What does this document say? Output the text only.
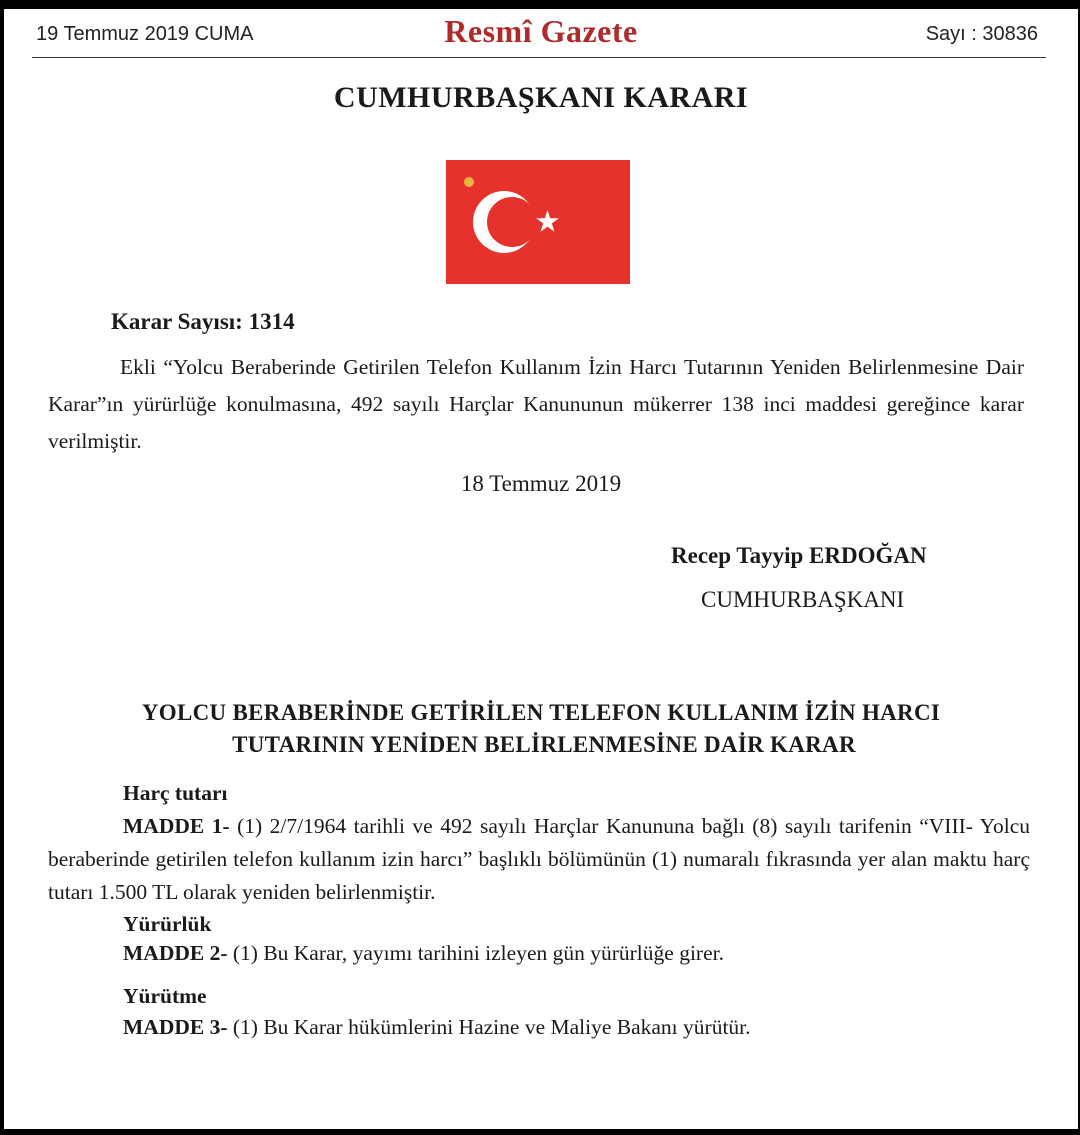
19 Temmuz 2019 CUMA	Resmî Gazete	Sayı : 30836
CUMHURBAŞKANI KARARI
Karar Sayısı: 1314

Ekli “Yolcu Beraberinde Getirilen Telefon Kullanım İzin Harcı Tutarının Yeniden Belirlenmesine Dair Karar”ın yürürlüğe konulmasına, 492 sayılı Harçlar Kanununun mükerrer 138 inci maddesi gereğince karar verilmiştir.

18 Temmuz 2019
Recep Tayyip ERDOĞAN
CUMHURBAŞKANI
YOLCU BERABERİNDE GETİRİLEN TELEFON KULLANIM İZİN HARCI
TUTARININ YENİDEN BELİRLENMESİNE DAİR KARAR
Harç tutarı

MADDE 1- (1) 2/7/1964 tarihli ve 492 sayılı Harçlar Kanununa bağlı (8) sayılı tarifenin “VIII- Yolcu beraberinde getirilen telefon kullanım izin harcı” başlıklı bölümünün (1) numaralı fıkrasında yer alan maktu harç tutarı 1.500 TL olarak yeniden belirlenmiştir.

Yürürlük

MADDE 2- (1) Bu Karar, yayımı tarihini izleyen gün yürürlüğe girer.

Yürütme

MADDE 3- (1) Bu Karar hükümlerini Hazine ve Maliye Bakanı yürütür.
